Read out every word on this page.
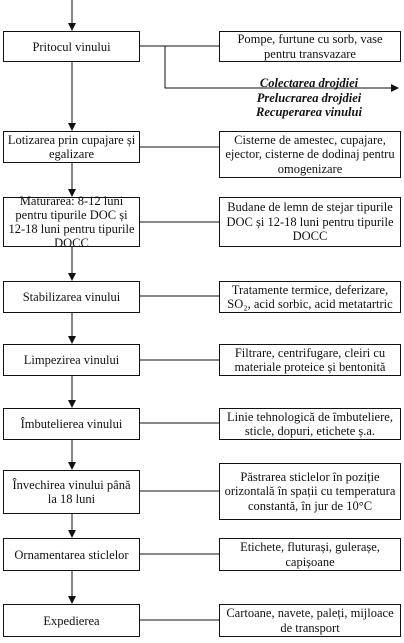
Pritocul vinului
Pompe, furtune cu sorb, vase pentru transvazare
Colectarea drojdiei
Prelucrarea drojdiei
Recuperarea vinului
Lotizarea prin cupajare și egalizare
Cisterne de amestec, cupajare, ejector, cisterne de dodinaj pentru omogenizare
Maturarea: 8-12 luni pentru tipurile DOC și 12-18 luni pentru tipurile DOCC
Budane de lemn de stejar tipurile DOC și 12-18 luni pentru tipurile DOCC
Stabilizarea vinului
Tratamente termice, deferizare, SO₂, acid sorbic, acid metatartric
Limpezirea vinului
Filtrare, centrifugare, cleiri cu materiale proteice și bentonită
Îmbutelierea vinului
Linie tehnologică de îmbuteliere, sticle, dopuri, etichete ș.a.
Învechirea vinului până la 18 luni
Păstrarea sticlelor în poziție orizontală în spații cu temperatura constantă, în jur de 10°C
Ornamentarea sticlelor
Etichete, fluturași, gulerașe, capișoane
Expedierea
Cartoane, navete, paleți, mijloace de transport
